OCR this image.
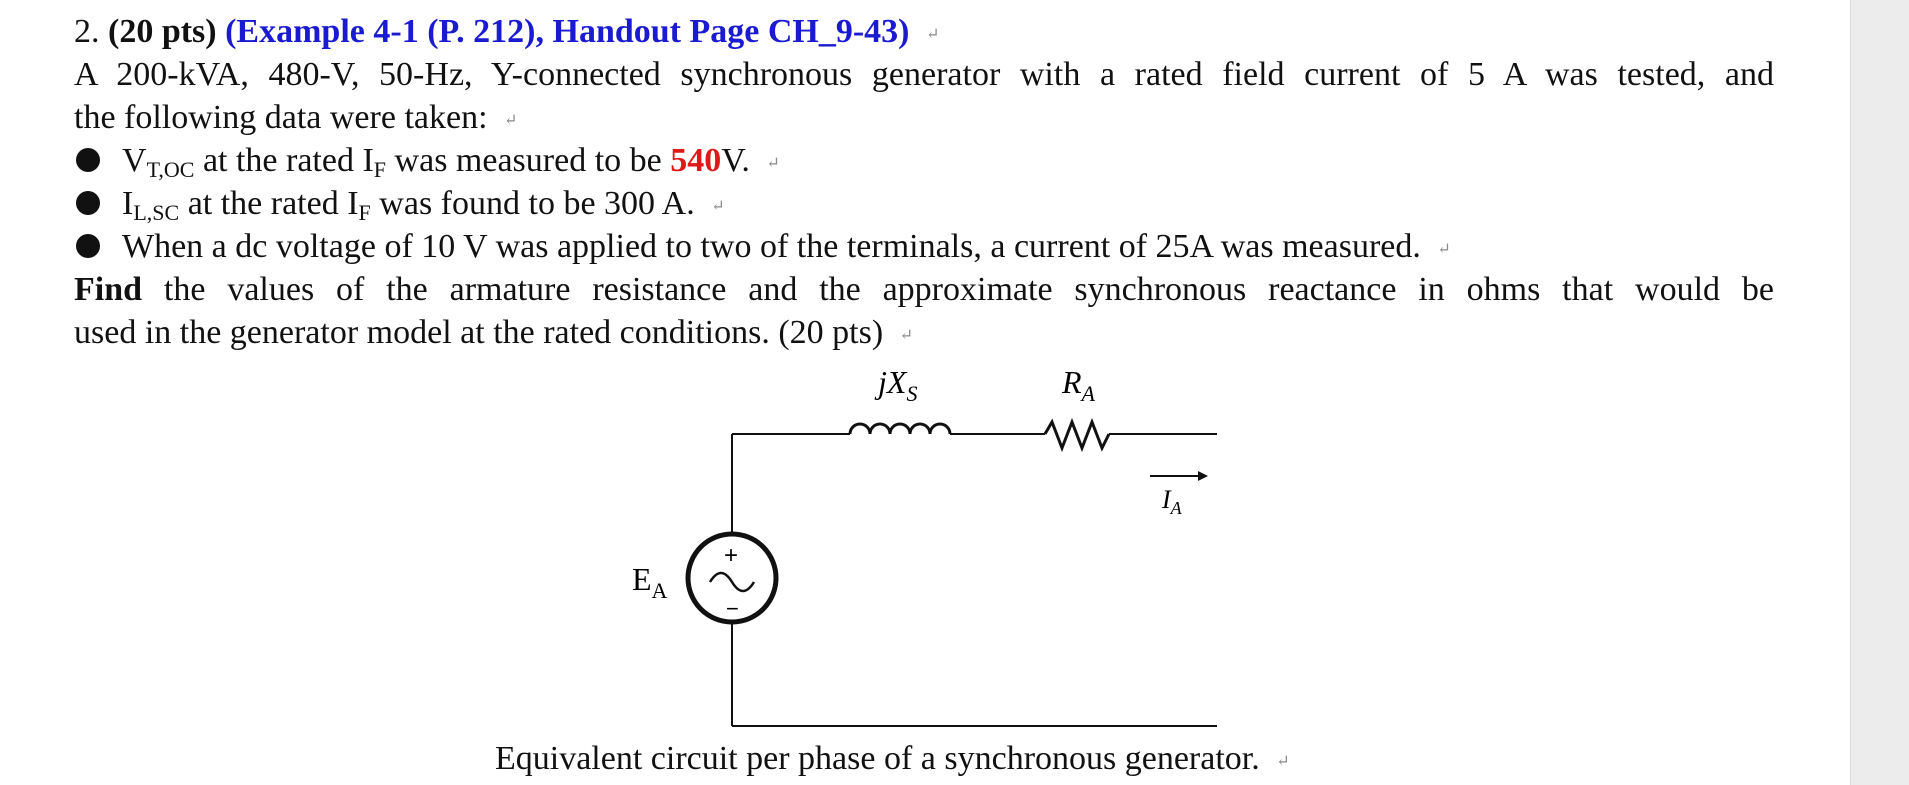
2. (20 pts) (Example 4-1 (P. 212), Handout Page CH_9-43) ↵
A 200-kVA, 480-V, 50-Hz, Y-connected synchronous generator with a rated field current of 5 A was tested, and
the following data were taken: ↵
$V_{T,OC}$ at the rated $I_F$ was measured to be 540V. ↵
$I_{L,SC}$ at the rated $I_F$ was found to be 300 A. ↵
When a dc voltage of 10 V was applied to two of the terminals, a current of 25A was measured. ↵
Find the values of the armature resistance and the approximate synchronous reactance in ohms that would be
used in the generator model at the rated conditions. (20 pts) ↵
$jX_S$	$R_A$
$I_A$
+
−
$E_A$
Equivalent circuit per phase of a synchronous generator. ↵
